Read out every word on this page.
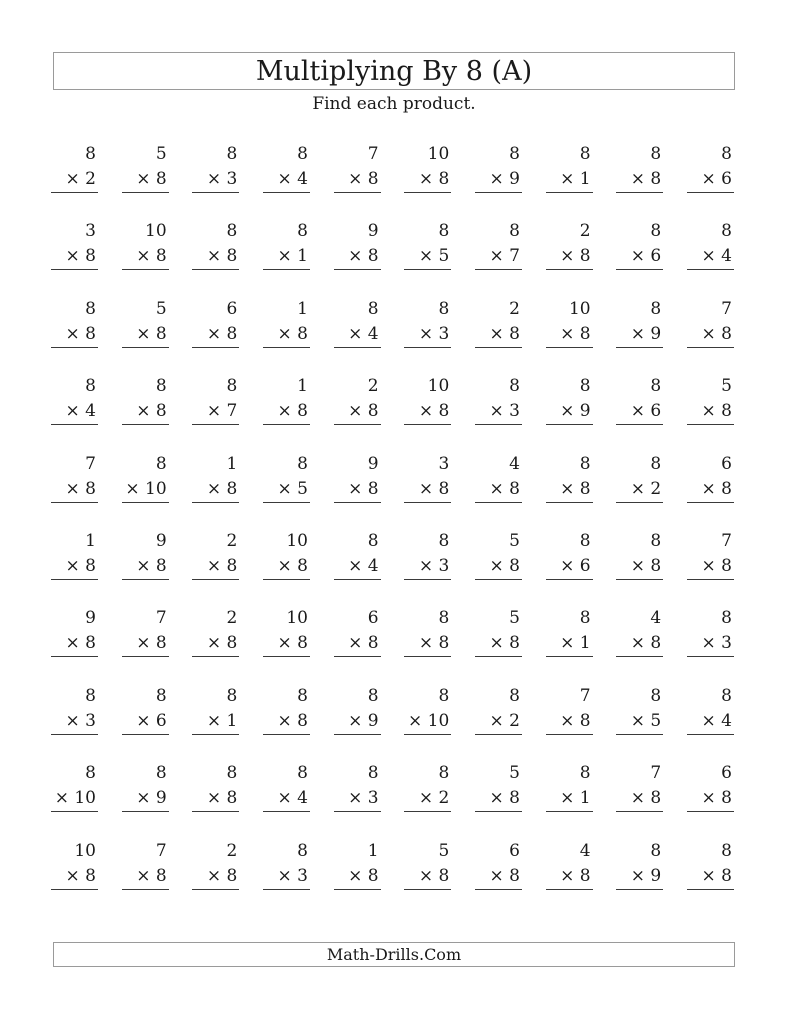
Multiplying By 8 (A)
Find each product.
8
× 2
5
× 8
8
× 3
8
× 4
7
× 8
10
× 8
8
× 9
8
× 1
8
× 8
8
× 6
3
× 8
10
× 8
8
× 8
8
× 1
9
× 8
8
× 5
8
× 7
2
× 8
8
× 6
8
× 4
8
× 8
5
× 8
6
× 8
1
× 8
8
× 4
8
× 3
2
× 8
10
× 8
8
× 9
7
× 8
8
× 4
8
× 8
8
× 7
1
× 8
2
× 8
10
× 8
8
× 3
8
× 9
8
× 6
5
× 8
7
× 8
8
× 10
1
× 8
8
× 5
9
× 8
3
× 8
4
× 8
8
× 8
8
× 2
6
× 8
1
× 8
9
× 8
2
× 8
10
× 8
8
× 4
8
× 3
5
× 8
8
× 6
8
× 8
7
× 8
9
× 8
7
× 8
2
× 8
10
× 8
6
× 8
8
× 8
5
× 8
8
× 1
4
× 8
8
× 3
8
× 3
8
× 6
8
× 1
8
× 8
8
× 9
8
× 10
8
× 2
7
× 8
8
× 5
8
× 4
8
× 10
8
× 9
8
× 8
8
× 4
8
× 3
8
× 2
5
× 8
8
× 1
7
× 8
6
× 8
10
× 8
7
× 8
2
× 8
8
× 3
1
× 8
5
× 8
6
× 8
4
× 8
8
× 9
8
× 8
Math-Drills.Com
